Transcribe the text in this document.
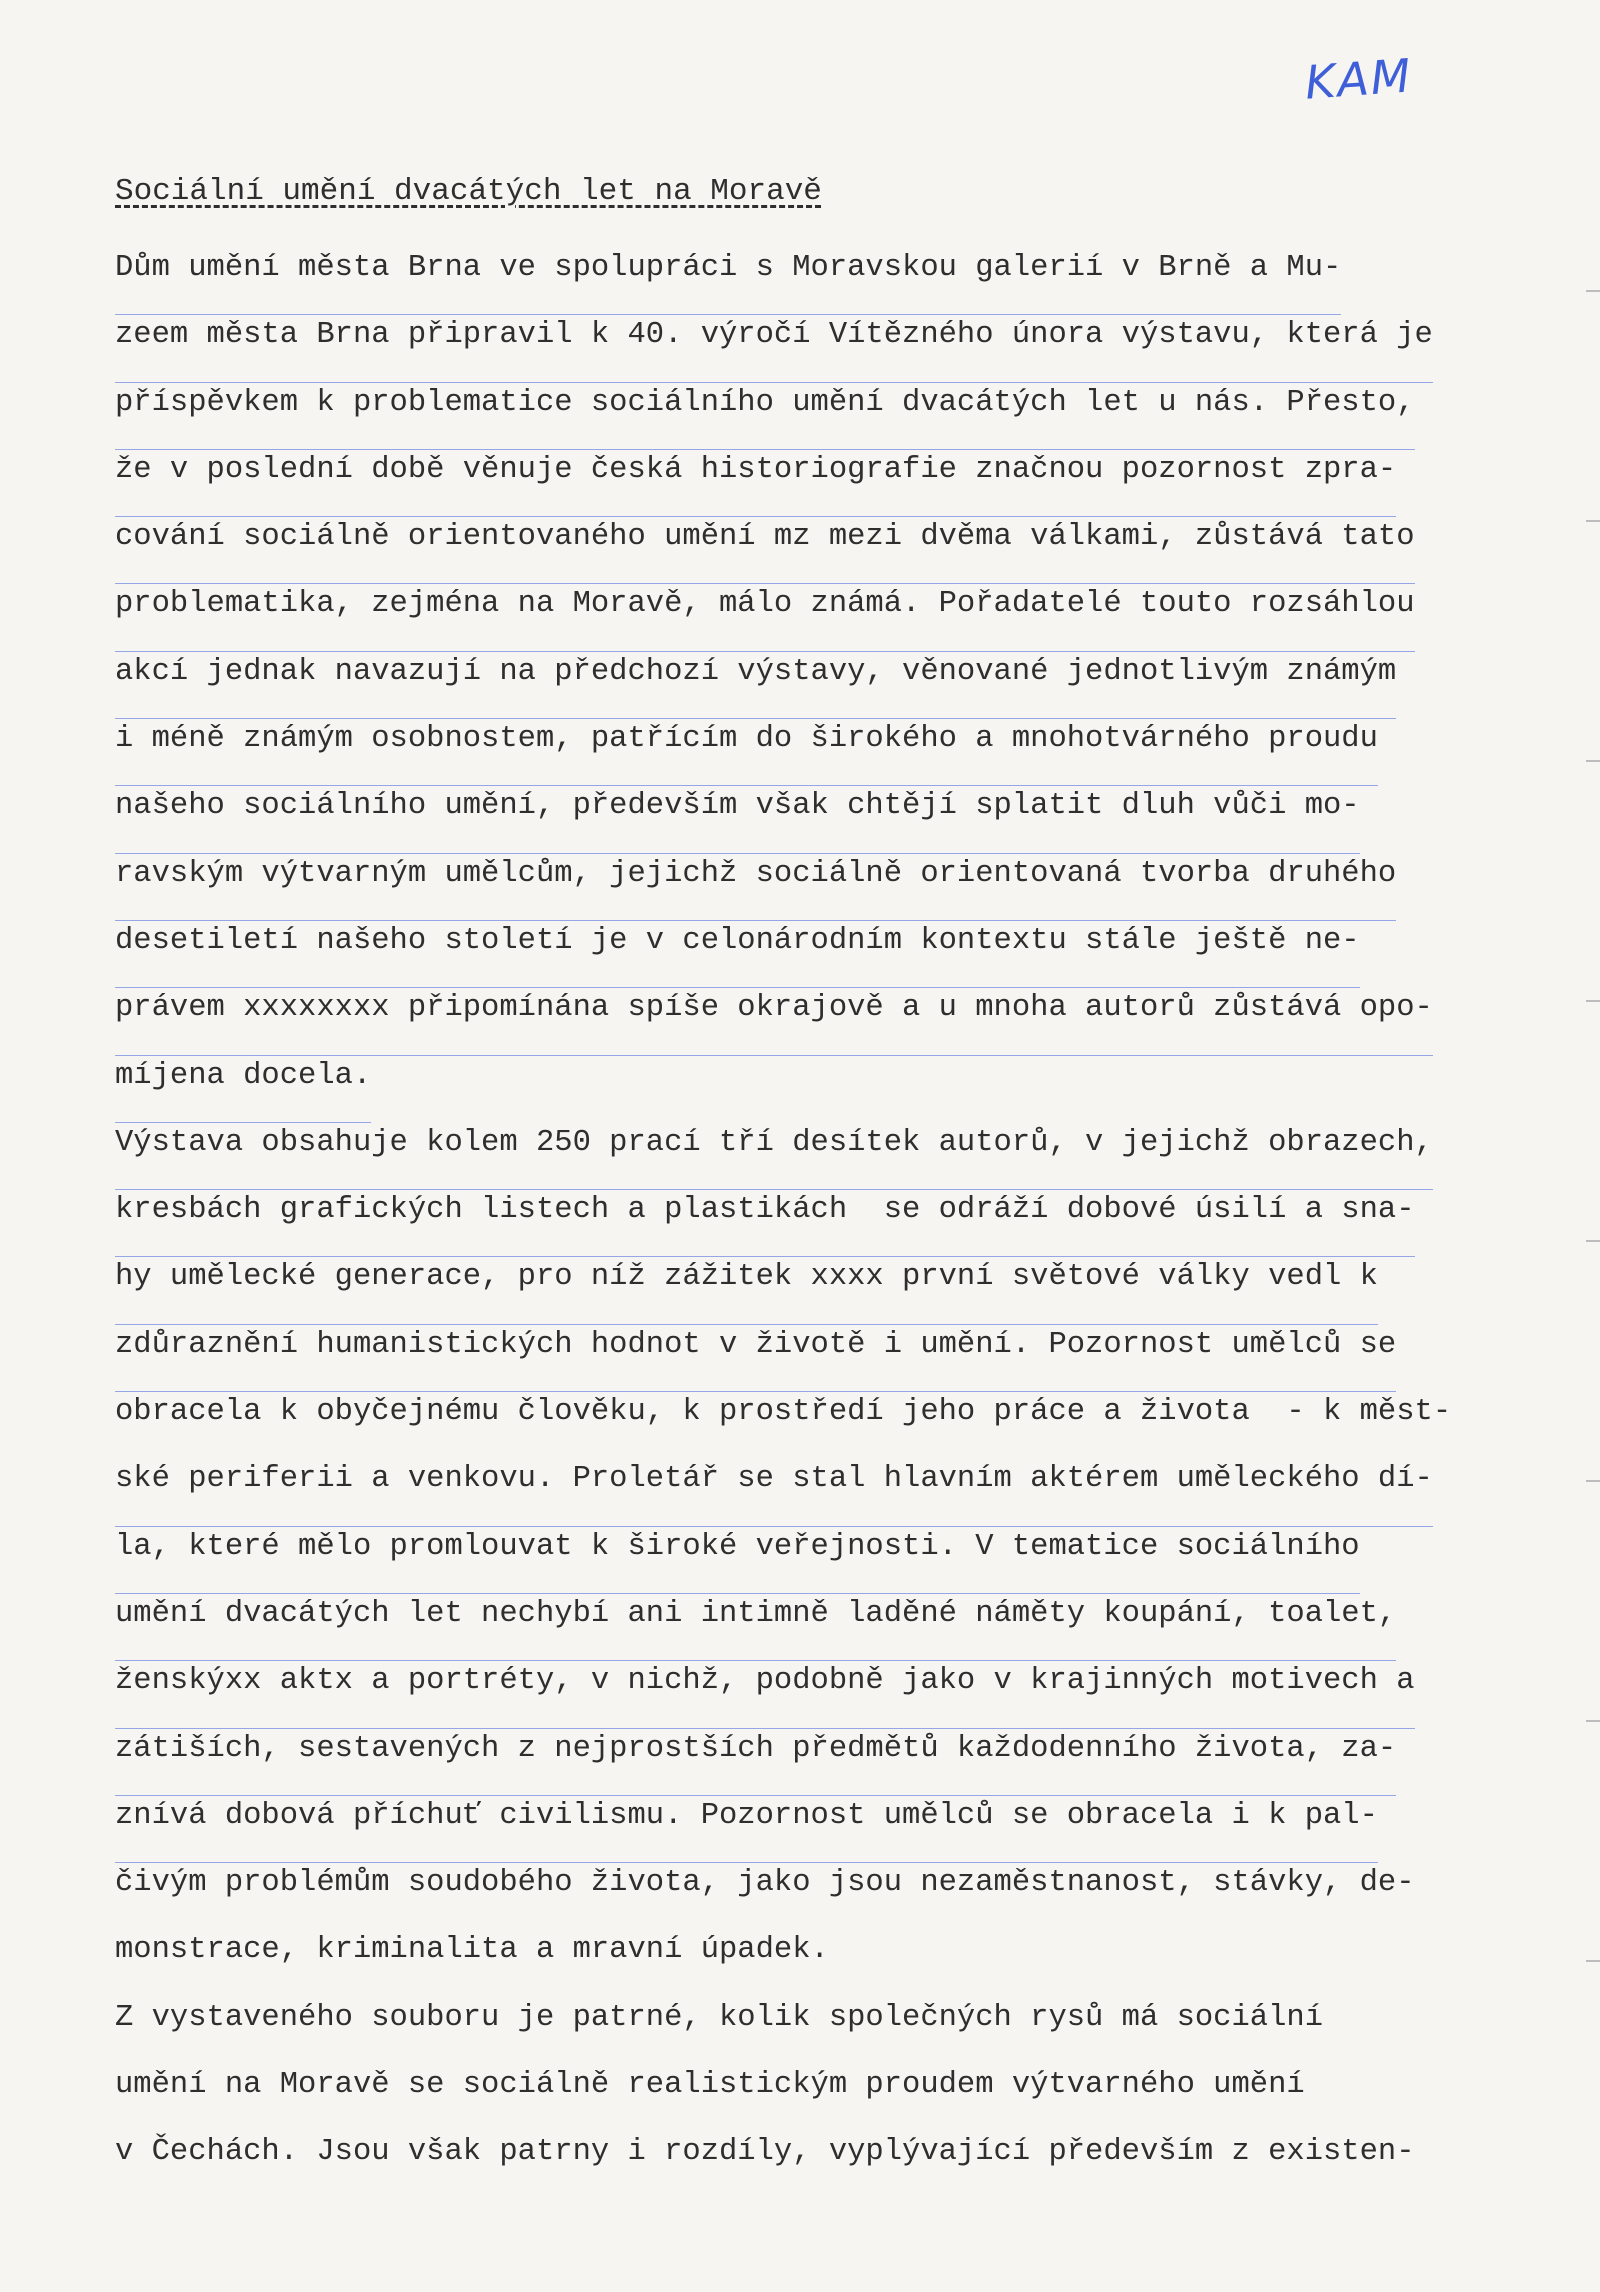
KAM
Sociální umění dvacátých let na Moravě
Dům umění města Brna ve spolupráci s Moravskou galerií v Brně a Mu-
zeem města Brna připravil k 40. výročí Vítězného února výstavu, která je
příspěvkem k problematice sociálního umění dvacátých let u nás. Přesto,
že v poslední době věnuje česká historiografie značnou pozornost zpra-
cování sociálně orientovaného umění mz mezi dvěma válkami, zůstává tato
problematika, zejména na Moravě, málo známá. Pořadatelé touto rozsáhlou
akcí jednak navazují na předchozí výstavy, věnované jednotlivým známým
i méně známým osobnostem, patřícím do širokého a mnohotvárného proudu
našeho sociálního umění, především však chtějí splatit dluh vůči mo-
ravským výtvarným umělcům, jejichž sociálně orientovaná tvorba druhého
desetiletí našeho století je v celonárodním kontextu stále ještě ne-
právem xxxxxxxx připomínána spíše okrajově a u mnoha autorů zůstává opo-
míjena docela.
Výstava obsahuje kolem 250 prací tří desítek autorů, v jejichž obrazech,
kresbách grafických listech a plastikách  se odráží dobové úsilí a sna-
hy umělecké generace, pro níž zážitek xxxx první světové války vedl k
zdůraznění humanistických hodnot v životě i umění. Pozornost umělců se
obracela k obyčejnému člověku, k prostředí jeho práce a života  - k měst-
ské periferii a venkovu. Proletář se stal hlavním aktérem uměleckého dí-
la, které mělo promlouvat k široké veřejnosti. V tematice sociálního
umění dvacátých let nechybí ani intimně laděné náměty koupání, toalet,
ženskýxx aktx a portréty, v nichž, podobně jako v krajinných motivech a
zátiších, sestavených z nejprostších předmětů každodenního života, za-
znívá dobová příchuť civilismu. Pozornost umělců se obracela i k pal-
čivým problémům soudobého života, jako jsou nezaměstnanost, stávky, de-
monstrace, kriminalita a mravní úpadek.
Z vystaveného souboru je patrné, kolik společných rysů má sociální
umění na Moravě se sociálně realistickým proudem výtvarného umění
v Čechách. Jsou však patrny i rozdíly, vyplývající především z existen-
